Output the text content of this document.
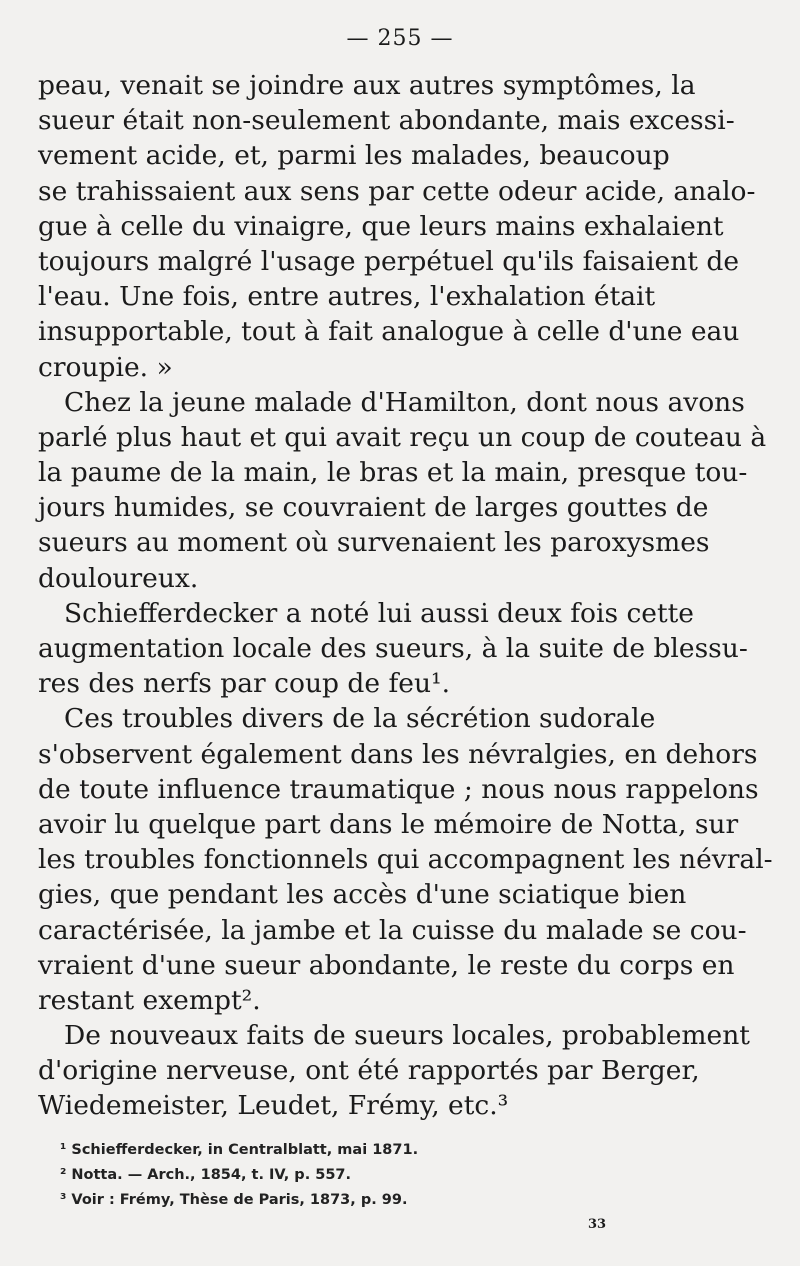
— 255 —
peau, venait se joindre aux autres symptômes, la
sueur était non-seulement abondante, mais excessi-
vement acide, et, parmi les malades, beaucoup
se trahissaient aux sens par cette odeur acide, analo-
gue à celle du vinaigre, que leurs mains exhalaient
toujours malgré l'usage perpétuel qu'ils faisaient de
l'eau. Une fois, entre autres, l'exhalation était
insupportable, tout à fait analogue à celle d'une eau
croupie. »
Chez la jeune malade d'Hamilton, dont nous avons
parlé plus haut et qui avait reçu un coup de couteau à
la paume de la main, le bras et la main, presque tou-
jours humides, se couvraient de larges gouttes de
sueurs au moment où survenaient les paroxysmes
douloureux.
Schiefferdecker a noté lui aussi deux fois cette
augmentation locale des sueurs, à la suite de blessu-
res des nerfs par coup de feu¹.
Ces troubles divers de la sécrétion sudorale
s'observent également dans les névralgies, en dehors
de toute influence traumatique ; nous nous rappelons
avoir lu quelque part dans le mémoire de Notta, sur
les troubles fonctionnels qui accompagnent les névral-
gies, que pendant les accès d'une sciatique bien
caractérisée, la jambe et la cuisse du malade se cou-
vraient d'une sueur abondante, le reste du corps en
restant exempt².
De nouveaux faits de sueurs locales, probablement
d'origine nerveuse, ont été rapportés par Berger,
Wiedemeister, Leudet, Frémy, etc.³
¹ Schiefferdecker, in Centralblatt, mai 1871.
² Notta. — Arch., 1854, t. IV, p. 557.
³ Voir : Frémy, Thèse de Paris, 1873, p. 99.
33
